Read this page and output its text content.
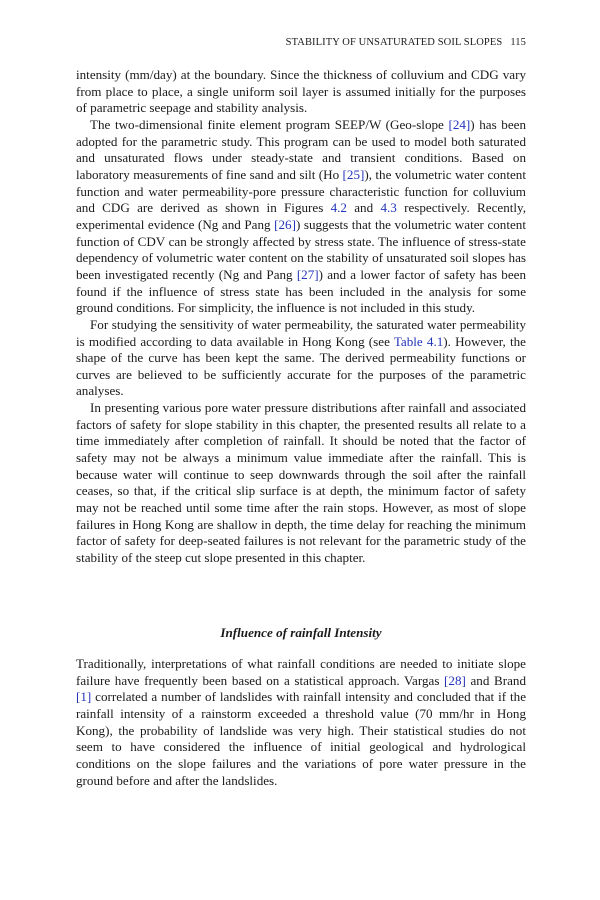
STABILITY OF UNSATURATED SOIL SLOPES 115

intensity (mm/day) at the boundary. Since the thickness of colluvium and CDG vary from place to place, a single uniform soil layer is assumed initially for the purposes of parametric seepage and stability analysis.

The two-dimensional finite element program SEEP/W (Geo-slope [24]) has been adopted for the parametric study. This program can be used to model both saturated and unsaturated flows under steady-state and transient conditions. Based on laboratory measurements of fine sand and silt (Ho [25]), the volumetric water content function and water permeability-pore pressure characteristic function for colluvium and CDG are derived as shown in Figures 4.2 and 4.3 respectively. Recently, experimental evidence (Ng and Pang [26]) suggests that the volumetric water content function of CDV can be strongly affected by stress state. The influence of stress-state dependency of volumetric water content on the stability of unsaturated soil slopes has been investigated recently (Ng and Pang [27]) and a lower factor of safety has been found if the influence of stress state has been included in the analysis for some ground conditions. For simplicity, the influence is not included in this study.

For studying the sensitivity of water permeability, the saturated water permeability is modified according to data available in Hong Kong (see Table 4.1). However, the shape of the curve has been kept the same. The derived permeability functions or curves are believed to be sufficiently accurate for the purposes of the parametric analyses.

In presenting various pore water pressure distributions after rainfall and associated factors of safety for slope stability in this chapter, the presented results all relate to a time immediately after completion of rainfall. It should be noted that the factor of safety may not be always a minimum value immediate after the rainfall. This is because water will continue to seep downwards through the soil after the rainfall ceases, so that, if the critical slip surface is at depth, the minimum factor of safety may not be reached until some time after the rain stops. However, as most of slope failures in Hong Kong are shallow in depth, the time delay for reaching the minimum factor of safety for deep-seated failures is not relevant for the parametric study of the stability of the steep cut slope presented in this chapter.

Influence of rainfall Intensity

Traditionally, interpretations of what rainfall conditions are needed to initiate slope failure have frequently been based on a statistical approach. Vargas [28] and Brand [1] correlated a number of landslides with rainfall intensity and concluded that if the rainfall intensity of a rainstorm exceeded a threshold value (70 mm/hr in Hong Kong), the probability of landslide was very high. Their statistical studies do not seem to have considered the influence of initial geological and hydrological conditions on the slope failures and the variations of pore water pressure in the ground before and after the landslides.
